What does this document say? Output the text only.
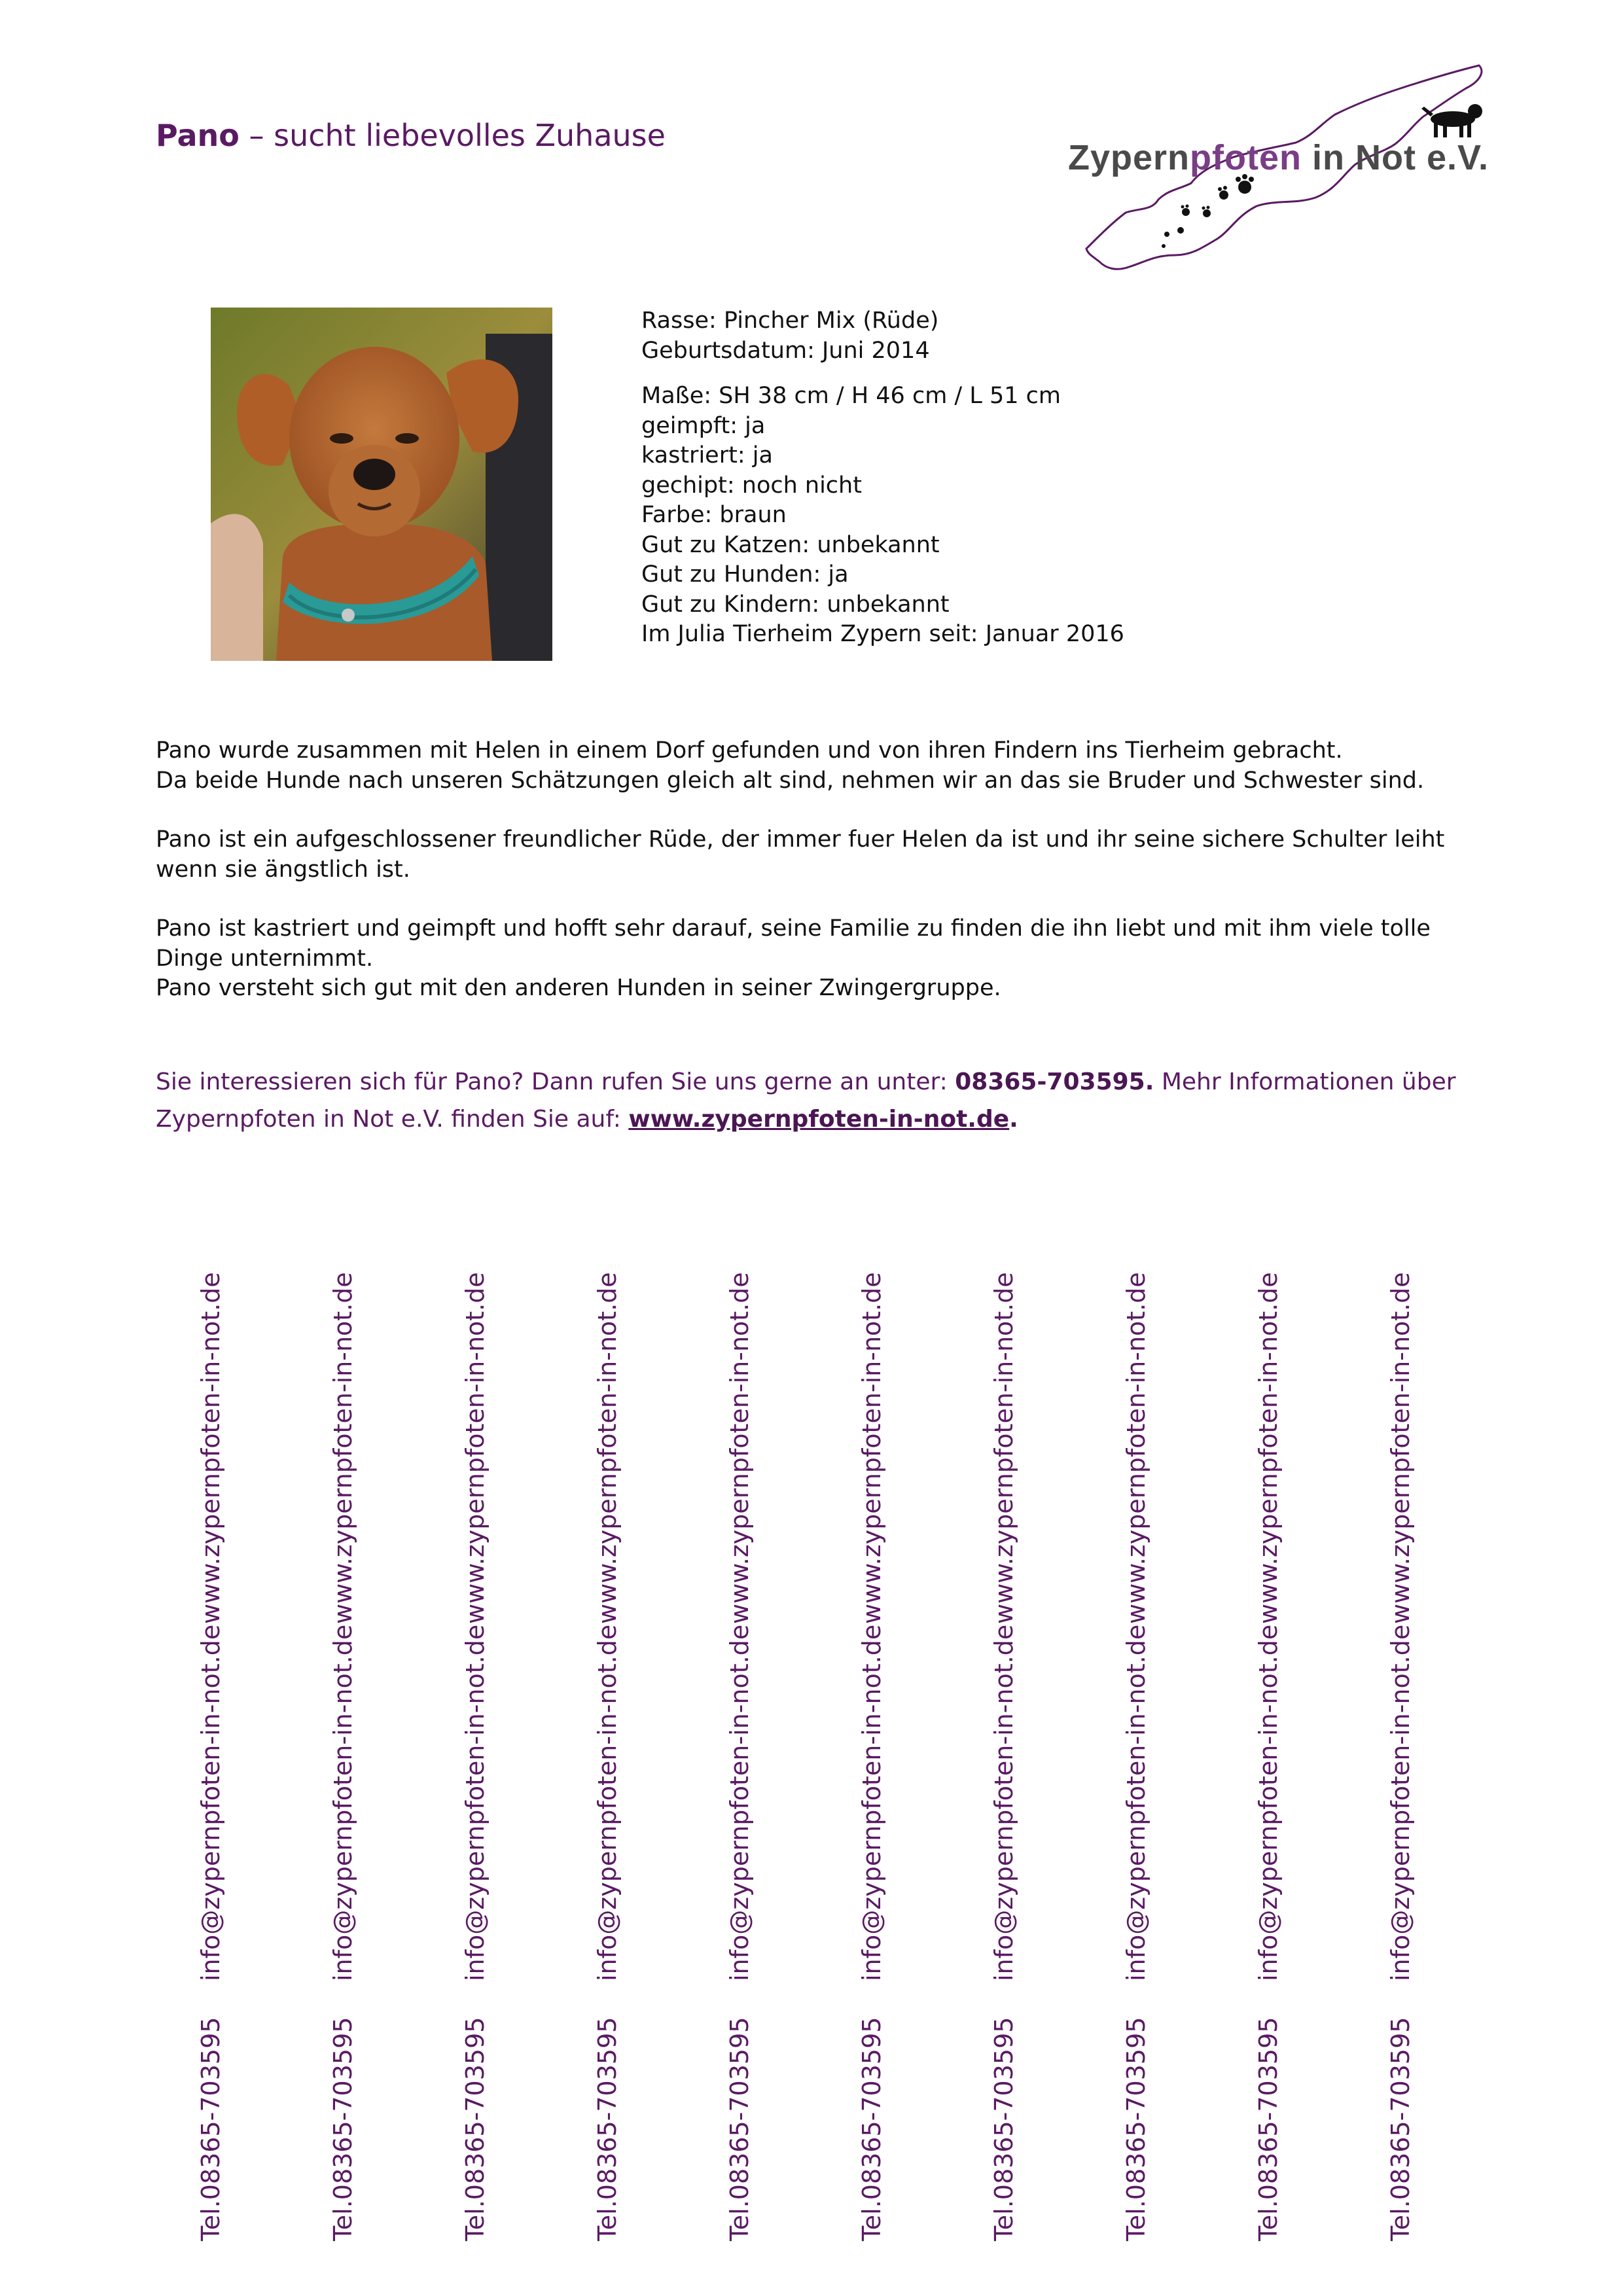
Pano – sucht liebevolles Zuhause
Zypernpfoten in Not e.V.
Rasse: Pincher Mix (Rüde)
Geburtsdatum: Juni 2014
Maße: SH 38 cm / H 46 cm / L 51 cm
geimpft: ja
kastriert: ja
gechipt: noch nicht
Farbe: braun
Gut zu Katzen: unbekannt
Gut zu Hunden: ja
Gut zu Kindern: unbekannt
Im Julia Tierheim Zypern seit: Januar 2016
Pano wurde zusammen mit Helen in einem Dorf gefunden und von ihren Findern ins Tierheim gebracht.
Da beide Hunde nach unseren Schätzungen gleich alt sind, nehmen wir an das sie Bruder und Schwester sind.
Pano ist ein aufgeschlossener freundlicher Rüde, der immer fuer Helen da ist und ihr seine sichere Schulter leiht wenn sie ängstlich ist.
Pano ist kastriert und geimpft und hofft sehr darauf, seine Familie zu finden die ihn liebt und mit ihm viele tolle Dinge unternimmt.
Pano versteht sich gut mit den anderen Hunden in seiner Zwingergruppe.
Sie interessieren sich für Pano? Dann rufen Sie uns gerne an unter: 08365-703595. Mehr Informationen über Zypernpfoten in Not e.V. finden Sie auf: www.zypernpfoten-in-not.de.
www.zypernpfoten-in-not.de
info@zypernpfoten-in-not.de
Tel.08365-703595
www.zypernpfoten-in-not.de
info@zypernpfoten-in-not.de
Tel.08365-703595
www.zypernpfoten-in-not.de
info@zypernpfoten-in-not.de
Tel.08365-703595
www.zypernpfoten-in-not.de
info@zypernpfoten-in-not.de
Tel.08365-703595
www.zypernpfoten-in-not.de
info@zypernpfoten-in-not.de
Tel.08365-703595
www.zypernpfoten-in-not.de
info@zypernpfoten-in-not.de
Tel.08365-703595
www.zypernpfoten-in-not.de
info@zypernpfoten-in-not.de
Tel.08365-703595
www.zypernpfoten-in-not.de
info@zypernpfoten-in-not.de
Tel.08365-703595
www.zypernpfoten-in-not.de
info@zypernpfoten-in-not.de
Tel.08365-703595
www.zypernpfoten-in-not.de
info@zypernpfoten-in-not.de
Tel.08365-703595
